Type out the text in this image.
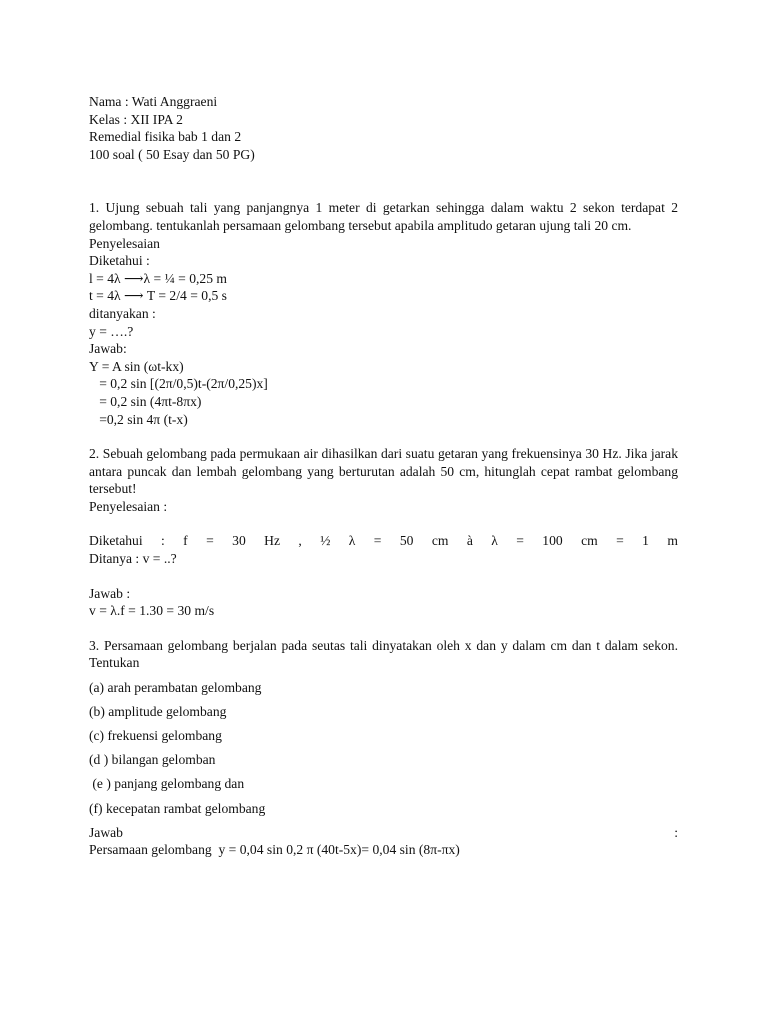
Nama : Wati Anggraeni
Kelas : XII IPA 2
Remedial fisika bab 1 dan 2
100 soal ( 50 Esay dan 50 PG)
1. Ujung sebuah tali yang panjangnya 1 meter di getarkan sehingga dalam waktu 2 sekon terdapat 2 gelombang. tentukanlah persamaan gelombang tersebut apabila amplitudo getaran ujung tali 20 cm.
Penyelesaian
Diketahui :
l = 4λ ⟶λ = ¼ = 0,25 m
t = 4λ ⟶ T = 2/4 = 0,5 s
ditanyakan :
y = ….?
Jawab:
Y = A sin (ωt-kx)
= 0,2 sin [(2π/0,5)t-(2π/0,25)x]
= 0,2 sin (4πt-8πx)
=0,2 sin 4π (t-x)
2. Sebuah gelombang pada permukaan air dihasilkan dari suatu getaran yang frekuensinya 30 Hz. Jika jarak antara puncak dan lembah gelombang yang berturutan adalah 50 cm, hitunglah cepat rambat gelombang tersebut!
Penyelesaian :
Diketahui : f = 30 Hz , ½ λ = 50 cm à λ = 100 cm = 1 m
Ditanya : v = ..?
Jawab :
v = λ.f = 1.30 = 30 m/s
3. Persamaan gelombang berjalan pada seutas tali dinyatakan oleh x dan y dalam cm dan t dalam sekon. Tentukan
(a) arah perambatan gelombang
(b) amplitude gelombang
(c) frekuensi gelombang
(d ) bilangan gelomban
(e ) panjang gelombang dan
(f) kecepatan rambat gelombang
Jawab	:
Persamaan gelombang  y = 0,04 sin 0,2 π (40t-5x)= 0,04 sin (8π-πx)
